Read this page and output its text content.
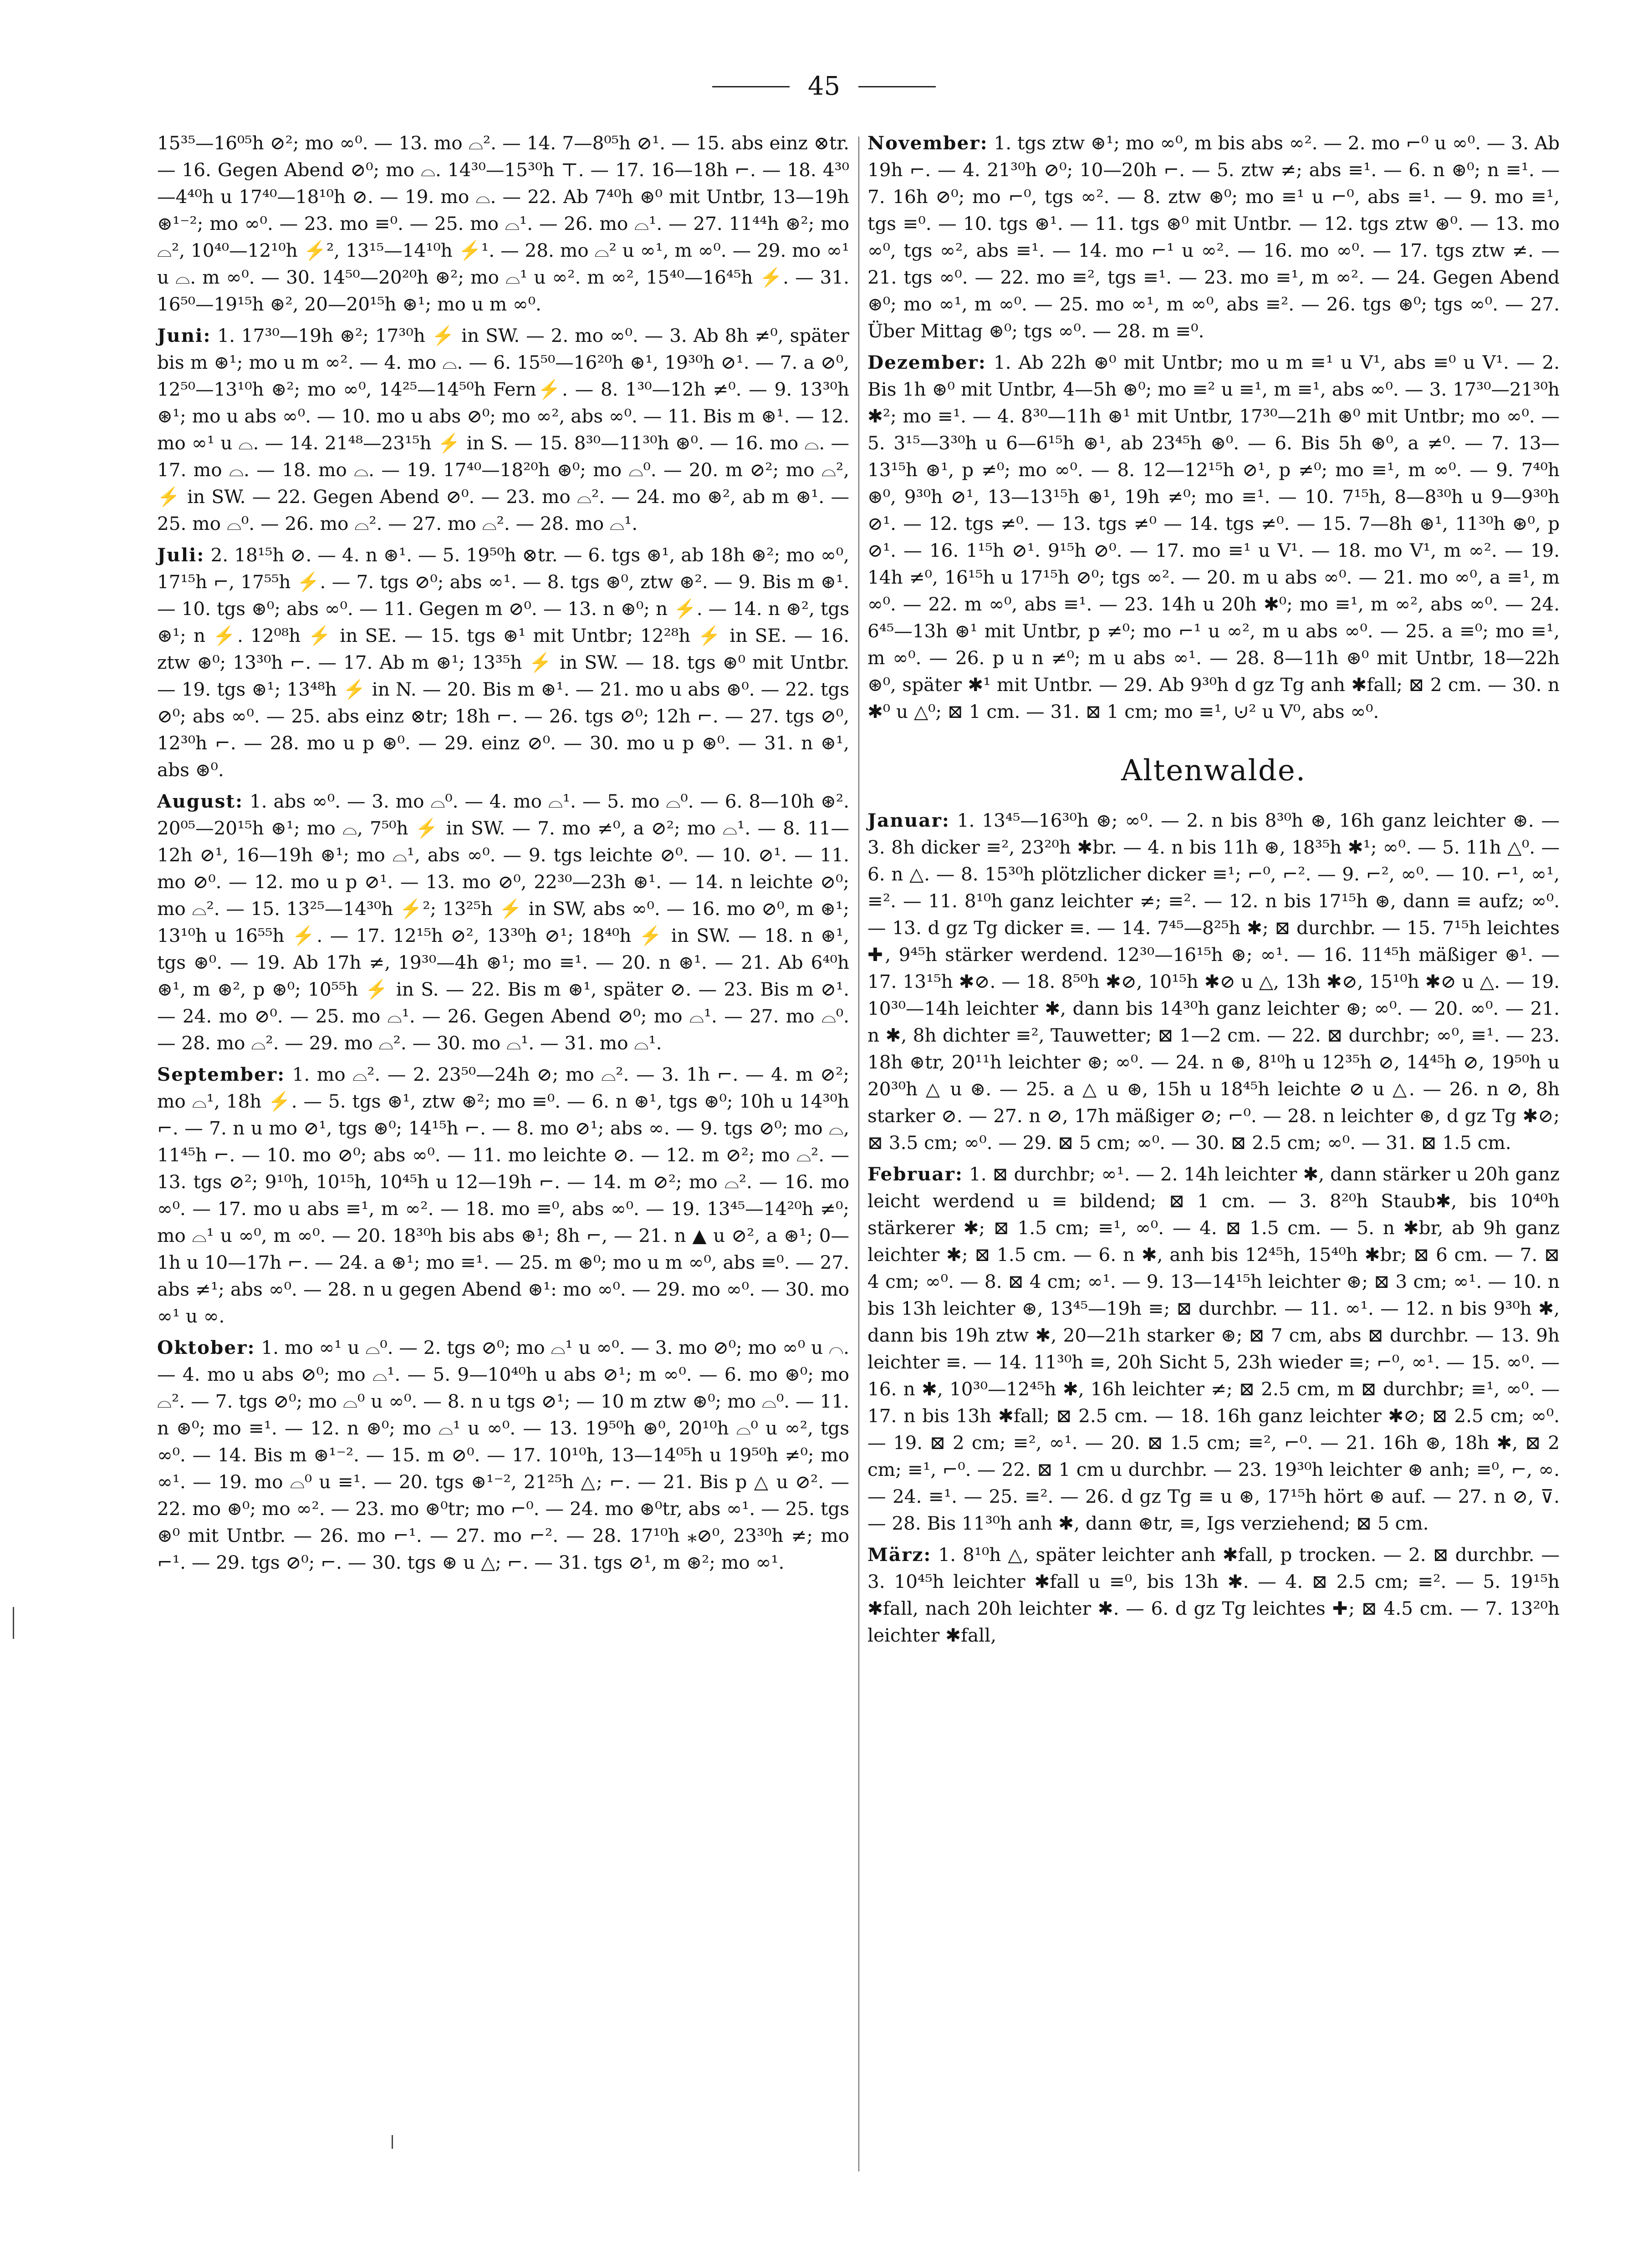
45

15³⁵—16⁰⁵h ⊘²; mo ∞⁰. — 13. mo ⌓². — 14. 7—8⁰⁵h ⊘¹. — 15. abs einz ⊗tr. — 16. Gegen Abend ⊘⁰; mo ⌓. 14³⁰—15³⁰h ⊤. — 17. 16—18h ⌐. — 18. 4³⁰—4⁴⁰h u 17⁴⁰—18¹⁰h ⊘. — 19. mo ⌓. — 22. Ab 7⁴⁰h ⊛⁰ mit Untbr, 13—19h ⊛¹⁻²; mo ∞⁰. — 23. mo ≡⁰. — 25. mo ⌓¹. — 26. mo ⌓¹. — 27. 11⁴⁴h ⊛²; mo ⌓², 10⁴⁰—12¹⁰h ⚡², 13¹⁵—14¹⁰h ⚡¹. — 28. mo ⌓² u ∞¹, m ∞⁰. — 29. mo ∞¹ u ⌓. m ∞⁰. — 30. 14⁵⁰—20²⁰h ⊛²; mo ⌓¹ u ∞². m ∞², 15⁴⁰—16⁴⁵h ⚡. — 31. 16⁵⁰—19¹⁵h ⊛², 20—20¹⁵h ⊛¹; mo u m ∞⁰.

Juni: 1. 17³⁰—19h ⊛²; 17³⁰h ⚡ in SW. — 2. mo ∞⁰. — 3. Ab 8h ≠⁰, später bis m ⊛¹; mo u m ∞². — 4. mo ⌓. — 6. 15⁵⁰—16²⁰h ⊛¹, 19³⁰h ⊘¹. — 7. a ⊘⁰, 12⁵⁰—13¹⁰h ⊛²; mo ∞⁰, 14²⁵—14⁵⁰h Fern⚡. — 8. 1³⁰—12h ≠⁰. — 9. 13³⁰h ⊛¹; mo u abs ∞⁰. — 10. mo u abs ⊘⁰; mo ∞², abs ∞⁰. — 11. Bis m ⊛¹. — 12. mo ∞¹ u ⌓. — 14. 21⁴⁸—23¹⁵h ⚡ in S. — 15. 8³⁰—11³⁰h ⊛⁰. — 16. mo ⌓. — 17. mo ⌓. — 18. mo ⌓. — 19. 17⁴⁰—18²⁰h ⊛⁰; mo ⌓⁰. — 20. m ⊘²; mo ⌓², ⚡ in SW. — 22. Gegen Abend ⊘⁰. — 23. mo ⌓². — 24. mo ⊛², ab m ⊛¹. — 25. mo ⌓⁰. — 26. mo ⌓². — 27. mo ⌓². — 28. mo ⌓¹.

Juli: 2. 18¹⁵h ⊘. — 4. n ⊛¹. — 5. 19⁵⁰h ⊗tr. — 6. tgs ⊛¹, ab 18h ⊛²; mo ∞⁰, 17¹⁵h ⌐, 17⁵⁵h ⚡. — 7. tgs ⊘⁰; abs ∞¹. — 8. tgs ⊛⁰, ztw ⊛². — 9. Bis m ⊛¹. — 10. tgs ⊛⁰; abs ∞⁰. — 11. Gegen m ⊘⁰. — 13. n ⊛⁰; n ⚡. — 14. n ⊛², tgs ⊛¹; n ⚡. 12⁰⁸h ⚡ in SE. — 15. tgs ⊛¹ mit Untbr; 12²⁸h ⚡ in SE. — 16. ztw ⊛⁰; 13³⁰h ⌐. — 17. Ab m ⊛¹; 13³⁵h ⚡ in SW. — 18. tgs ⊛⁰ mit Untbr. — 19. tgs ⊛¹; 13⁴⁸h ⚡ in N. — 20. Bis m ⊛¹. — 21. mo u abs ⊛⁰. — 22. tgs ⊘⁰; abs ∞⁰. — 25. abs einz ⊗tr; 18h ⌐. — 26. tgs ⊘⁰; 12h ⌐. — 27. tgs ⊘⁰, 12³⁰h ⌐. — 28. mo u p ⊛⁰. — 29. einz ⊘⁰. — 30. mo u p ⊛⁰. — 31. n ⊛¹, abs ⊛⁰.

August: 1. abs ∞⁰. — 3. mo ⌓⁰. — 4. mo ⌓¹. — 5. mo ⌓⁰. — 6. 8—10h ⊛². 20⁰⁵—20¹⁵h ⊛¹; mo ⌓, 7⁵⁰h ⚡ in SW. — 7. mo ≠⁰, a ⊘²; mo ⌓¹. — 8. 11—12h ⊘¹, 16—19h ⊛¹; mo ⌓¹, abs ∞⁰. — 9. tgs leichte ⊘⁰. — 10. ⊘¹. — 11. mo ⊘⁰. — 12. mo u p ⊘¹. — 13. mo ⊘⁰, 22³⁰—23h ⊛¹. — 14. n leichte ⊘⁰; mo ⌓². — 15. 13²⁵—14³⁰h ⚡²; 13²⁵h ⚡ in SW, abs ∞⁰. — 16. mo ⊘⁰, m ⊛¹; 13¹⁰h u 16⁵⁵h ⚡. — 17. 12¹⁵h ⊘², 13³⁰h ⊘¹; 18⁴⁰h ⚡ in SW. — 18. n ⊛¹, tgs ⊛⁰. — 19. Ab 17h ≠, 19³⁰—4h ⊛¹; mo ≡¹. — 20. n ⊛¹. — 21. Ab 6⁴⁰h ⊛¹, m ⊛², p ⊛⁰; 10⁵⁵h ⚡ in S. — 22. Bis m ⊛¹, später ⊘. — 23. Bis m ⊘¹. — 24. mo ⊘⁰. — 25. mo ⌓¹. — 26. Gegen Abend ⊘⁰; mo ⌓¹. — 27. mo ⌓⁰. — 28. mo ⌓². — 29. mo ⌓². — 30. mo ⌓¹. — 31. mo ⌓¹.

September: 1. mo ⌓². — 2. 23⁵⁰—24h ⊘; mo ⌓². — 3. 1h ⌐. — 4. m ⊘²; mo ⌓¹, 18h ⚡. — 5. tgs ⊛¹, ztw ⊛²; mo ≡⁰. — 6. n ⊛¹, tgs ⊛⁰; 10h u 14³⁰h ⌐. — 7. n u mo ⊘¹, tgs ⊛⁰; 14¹⁵h ⌐. — 8. mo ⊘¹; abs ∞. — 9. tgs ⊘⁰; mo ⌓, 11⁴⁵h ⌐. — 10. mo ⊘⁰; abs ∞⁰. — 11. mo leichte ⊘. — 12. m ⊘²; mo ⌓². — 13. tgs ⊘²; 9¹⁰h, 10¹⁵h, 10⁴⁵h u 12—19h ⌐. — 14. m ⊘²; mo ⌓². — 16. mo ∞⁰. — 17. mo u abs ≡¹, m ∞². — 18. mo ≡⁰, abs ∞⁰. — 19. 13⁴⁵—14²⁰h ≠⁰; mo ⌓¹ u ∞⁰, m ∞⁰. — 20. 18³⁰h bis abs ⊛¹; 8h ⌐, — 21. n ▲ u ⊘², a ⊛¹; 0—1h u 10—17h ⌐. — 24. a ⊛¹; mo ≡¹. — 25. m ⊛⁰; mo u m ∞⁰, abs ≡⁰. — 27. abs ≠¹; abs ∞⁰. — 28. n u gegen Abend ⊛¹: mo ∞⁰. — 29. mo ∞⁰. — 30. mo ∞¹ u ∞.

Oktober: 1. mo ∞¹ u ⌓⁰. — 2. tgs ⊘⁰; mo ⌓¹ u ∞⁰. — 3. mo ⊘⁰; mo ∞⁰ u ⌒. — 4. mo u abs ⊘⁰; mo ⌓¹. — 5. 9—10⁴⁰h u abs ⊘¹; m ∞⁰. — 6. mo ⊛⁰; mo ⌓². — 7. tgs ⊘⁰; mo ⌓⁰ u ∞⁰. — 8. n u tgs ⊘¹; — 10 m ztw ⊛⁰; mo ⌓⁰. — 11. n ⊛⁰; mo ≡¹. — 12. n ⊛⁰; mo ⌓¹ u ∞⁰. — 13. 19⁵⁰h ⊛⁰, 20¹⁰h ⌓⁰ u ∞², tgs ∞⁰. — 14. Bis m ⊛¹⁻². — 15. m ⊘⁰. — 17. 10¹⁰h, 13—14⁰⁵h u 19⁵⁰h ≠⁰; mo ∞¹. — 19. mo ⌓⁰ u ≡¹. — 20. tgs ⊛¹⁻², 21²⁵h △; ⌐. — 21. Bis p △ u ⊘². — 22. mo ⊛⁰; mo ∞². — 23. mo ⊛⁰tr; mo ⌐⁰. — 24. mo ⊛⁰tr, abs ∞¹. — 25. tgs ⊛⁰ mit Untbr. — 26. mo ⌐¹. — 27. mo ⌐². — 28. 17¹⁰h ⁎⊘⁰, 23³⁰h ≠; mo ⌐¹. — 29. tgs ⊘⁰; ⌐. — 30. tgs ⊛ u △; ⌐. — 31. tgs ⊘¹, m ⊛²; mo ∞¹.

November: 1. tgs ztw ⊛¹; mo ∞⁰, m bis abs ∞². — 2. mo ⌐⁰ u ∞⁰. — 3. Ab 19h ⌐. — 4. 21³⁰h ⊘⁰; 10—20h ⌐. — 5. ztw ≠; abs ≡¹. — 6. n ⊛⁰; n ≡¹. — 7. 16h ⊘⁰; mo ⌐⁰, tgs ∞². — 8. ztw ⊛⁰; mo ≡¹ u ⌐⁰, abs ≡¹. — 9. mo ≡¹, tgs ≡⁰. — 10. tgs ⊛¹. — 11. tgs ⊛⁰ mit Untbr. — 12. tgs ztw ⊛⁰. — 13. mo ∞⁰, tgs ∞², abs ≡¹. — 14. mo ⌐¹ u ∞². — 16. mo ∞⁰. — 17. tgs ztw ≠. — 21. tgs ∞⁰. — 22. mo ≡², tgs ≡¹. — 23. mo ≡¹, m ∞². — 24. Gegen Abend ⊛⁰; mo ∞¹, m ∞⁰. — 25. mo ∞¹, m ∞⁰, abs ≡². — 26. tgs ⊛⁰; tgs ∞⁰. — 27. Über Mittag ⊛⁰; tgs ∞⁰. — 28. m ≡⁰.

Dezember: 1. Ab 22h ⊛⁰ mit Untbr; mo u m ≡¹ u V¹, abs ≡⁰ u V¹. — 2. Bis 1h ⊛⁰ mit Untbr, 4—5h ⊛⁰; mo ≡² u ≡¹, m ≡¹, abs ∞⁰. — 3. 17³⁰—21³⁰h ✱²; mo ≡¹. — 4. 8³⁰—11h ⊛¹ mit Untbr, 17³⁰—21h ⊛⁰ mit Untbr; mo ∞⁰. — 5. 3¹⁵—3³⁰h u 6—6¹⁵h ⊛¹, ab 23⁴⁵h ⊛⁰. — 6. Bis 5h ⊛⁰, a ≠⁰. — 7. 13—13¹⁵h ⊛¹, p ≠⁰; mo ∞⁰. — 8. 12—12¹⁵h ⊘¹, p ≠⁰; mo ≡¹, m ∞⁰. — 9. 7⁴⁰h ⊛⁰, 9³⁰h ⊘¹, 13—13¹⁵h ⊛¹, 19h ≠⁰; mo ≡¹. — 10. 7¹⁵h, 8—8³⁰h u 9—9³⁰h ⊘¹. — 12. tgs ≠⁰. — 13. tgs ≠⁰ — 14. tgs ≠⁰. — 15. 7—8h ⊛¹, 11³⁰h ⊛⁰, p ⊘¹. — 16. 1¹⁵h ⊘¹. 9¹⁵h ⊘⁰. — 17. mo ≡¹ u V¹. — 18. mo V¹, m ∞². — 19. 14h ≠⁰, 16¹⁵h u 17¹⁵h ⊘⁰; tgs ∞². — 20. m u abs ∞⁰. — 21. mo ∞⁰, a ≡¹, m ∞⁰. — 22. m ∞⁰, abs ≡¹. — 23. 14h u 20h ✱⁰; mo ≡¹, m ∞², abs ∞⁰. — 24. 6⁴⁵—13h ⊛¹ mit Untbr, p ≠⁰; mo ⌐¹ u ∞², m u abs ∞⁰. — 25. a ≡⁰; mo ≡¹, m ∞⁰. — 26. p u n ≠⁰; m u abs ∞¹. — 28. 8—11h ⊛⁰ mit Untbr, 18—22h ⊛⁰, später ✱¹ mit Untbr. — 29. Ab 9³⁰h d gz Tg anh ✱fall; ⊠ 2 cm. — 30. n ✱⁰ u △⁰; ⊠ 1 cm. — 31. ⊠ 1 cm; mo ≡¹, ⊍² u V⁰, abs ∞⁰.

Altenwalde.

Januar: 1. 13⁴⁵—16³⁰h ⊛; ∞⁰. — 2. n bis 8³⁰h ⊛, 16h ganz leichter ⊛. — 3. 8h dicker ≡², 23²⁰h ✱br. — 4. n bis 11h ⊛, 18³⁵h ✱¹; ∞⁰. — 5. 11h △⁰. — 6. n △. — 8. 15³⁰h plötzlicher dicker ≡¹; ⌐⁰, ⌐². — 9. ⌐², ∞⁰. — 10. ⌐¹, ∞¹, ≡². — 11. 8¹⁰h ganz leichter ≠; ≡². — 12. n bis 17¹⁵h ⊛, dann ≡ aufz; ∞⁰. — 13. d gz Tg dicker ≡. — 14. 7⁴⁵—8²⁵h ✱; ⊠ durchbr. — 15. 7¹⁵h leichtes ✚, 9⁴⁵h stärker werdend. 12³⁰—16¹⁵h ⊛; ∞¹. — 16. 11⁴⁵h mäßiger ⊛¹. — 17. 13¹⁵h ✱⊘. — 18. 8⁵⁰h ✱⊘, 10¹⁵h ✱⊘ u △, 13h ✱⊘, 15¹⁰h ✱⊘ u △. — 19. 10³⁰—14h leichter ✱, dann bis 14³⁰h ganz leichter ⊛; ∞⁰. — 20. ∞⁰. — 21. n ✱, 8h dichter ≡², Tauwetter; ⊠ 1—2 cm. — 22. ⊠ durchbr; ∞⁰, ≡¹. — 23. 18h ⊛tr, 20¹¹h leichter ⊛; ∞⁰. — 24. n ⊛, 8¹⁰h u 12³⁵h ⊘, 14⁴⁵h ⊘, 19⁵⁰h u 20³⁰h △ u ⊛. — 25. a △ u ⊛, 15h u 18⁴⁵h leichte ⊘ u △. — 26. n ⊘, 8h starker ⊘. — 27. n ⊘, 17h mäßiger ⊘; ⌐⁰. — 28. n leichter ⊛, d gz Tg ✱⊘; ⊠ 3.5 cm; ∞⁰. — 29. ⊠ 5 cm; ∞⁰. — 30. ⊠ 2.5 cm; ∞⁰. — 31. ⊠ 1.5 cm.

Februar: 1. ⊠ durchbr; ∞¹. — 2. 14h leichter ✱, dann stärker u 20h ganz leicht werdend u ≡ bildend; ⊠ 1 cm. — 3. 8²⁰h Staub✱, bis 10⁴⁰h stärkerer ✱; ⊠ 1.5 cm; ≡¹, ∞⁰. — 4. ⊠ 1.5 cm. — 5. n ✱br, ab 9h ganz leichter ✱; ⊠ 1.5 cm. — 6. n ✱, anh bis 12⁴⁵h, 15⁴⁰h ✱br; ⊠ 6 cm. — 7. ⊠ 4 cm; ∞⁰. — 8. ⊠ 4 cm; ∞¹. — 9. 13—14¹⁵h leichter ⊛; ⊠ 3 cm; ∞¹. — 10. n bis 13h leichter ⊛, 13⁴⁵—19h ≡; ⊠ durchbr. — 11. ∞¹. — 12. n bis 9³⁰h ✱, dann bis 19h ztw ✱, 20—21h starker ⊛; ⊠ 7 cm, abs ⊠ durchbr. — 13. 9h leichter ≡. — 14. 11³⁰h ≡, 20h Sicht 5, 23h wieder ≡; ⌐⁰, ∞¹. — 15. ∞⁰. — 16. n ✱, 10³⁰—12⁴⁵h ✱, 16h leichter ≠; ⊠ 2.5 cm, m ⊠ durchbr; ≡¹, ∞⁰. — 17. n bis 13h ✱fall; ⊠ 2.5 cm. — 18. 16h ganz leichter ✱⊘; ⊠ 2.5 cm; ∞⁰. — 19. ⊠ 2 cm; ≡², ∞¹. — 20. ⊠ 1.5 cm; ≡², ⌐⁰. — 21. 16h ⊛, 18h ✱, ⊠ 2 cm; ≡¹, ⌐⁰. — 22. ⊠ 1 cm u durchbr. — 23. 19³⁰h leichter ⊛ anh; ≡⁰, ⌐, ∞. — 24. ≡¹. — 25. ≡². — 26. d gz Tg ≡ u ⊛, 17¹⁵h hört ⊛ auf. — 27. n ⊘, ⊽. — 28. Bis 11³⁰h anh ✱, dann ⊛tr, ≡, Igs verziehend; ⊠ 5 cm.

März: 1. 8¹⁰h △, später leichter anh ✱fall, p trocken. — 2. ⊠ durchbr. — 3. 10⁴⁵h leichter ✱fall u ≡⁰, bis 13h ✱. — 4. ⊠ 2.5 cm; ≡². — 5. 19¹⁵h ✱fall, nach 20h leichter ✱. — 6. d gz Tg leichtes ✚; ⊠ 4.5 cm. — 7. 13²⁰h leichter ✱fall,
